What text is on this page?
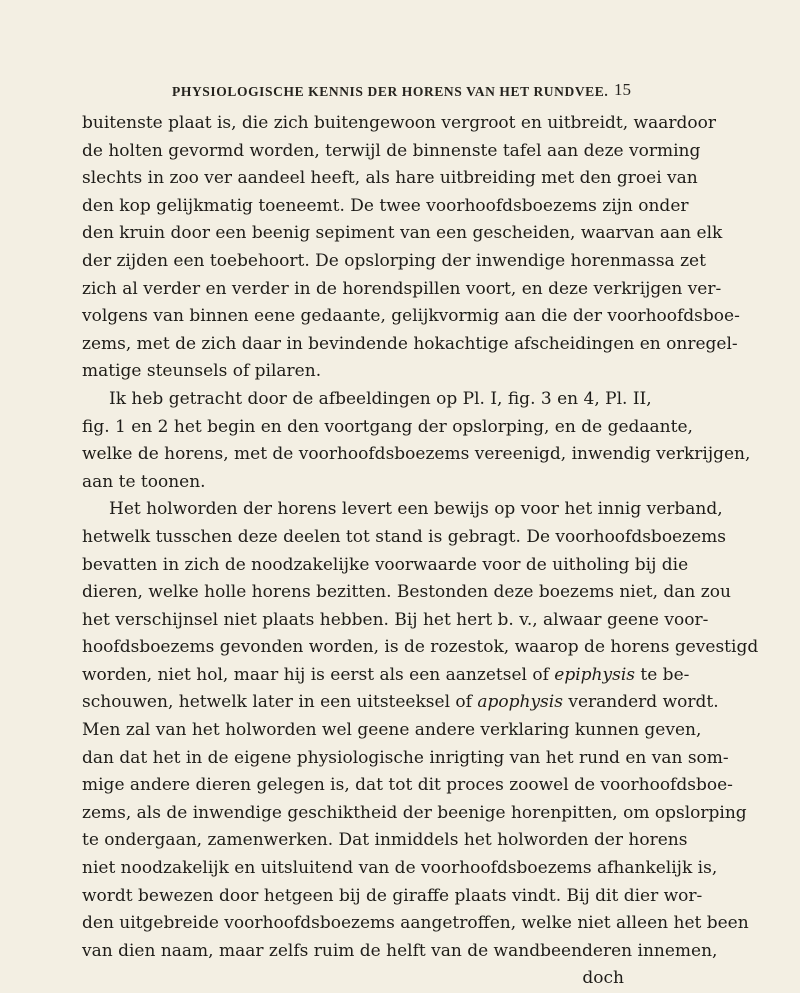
PHYSIOLOGISCHE KENNIS DER HORENS VAN HET RUNDVEE. 15
buitenste plaat is, die zich buitengewoon vergroot en uitbreidt, waardoor
de holten gevormd worden, terwijl de binnenste tafel aan deze vorming
slechts in zoo ver aandeel heeft, als hare uitbreiding met den groei van
den kop gelijkmatig toeneemt. De twee voorhoofdsboezems zijn onder
den kruin door een beenig sepiment van een gescheiden, waarvan aan elk
der zijden een toebehoort. De opslorping der inwendige horenmassa zet
zich al verder en verder in de horendspillen voort, en deze verkrijgen ver-
volgens van binnen eene gedaante, gelijkvormig aan die der voorhoofdsboe-
zems, met de zich daar in bevindende hokachtige afscheidingen en onregel-
matige steunsels of pilaren.
Ik heb getracht door de afbeeldingen op Pl. I, fig. 3 en 4, Pl. II,
fig. 1 en 2 het begin en den voortgang der opslorping, en de gedaante,
welke de horens, met de voorhoofdsboezems vereenigd, inwendig verkrijgen,
aan te toonen.
Het holworden der horens levert een bewijs op voor het innig verband,
hetwelk tusschen deze deelen tot stand is gebragt. De voorhoofdsboezems
bevatten in zich de noodzakelijke voorwaarde voor de uitholing bij die
dieren, welke holle horens bezitten. Bestonden deze boezems niet, dan zou
het verschijnsel niet plaats hebben. Bij het hert b. v., alwaar geene voor-
hoofdsboezems gevonden worden, is de rozestok, waarop de horens gevestigd
worden, niet hol, maar hij is eerst als een aanzetsel of epiphysis te be-
schouwen, hetwelk later in een uitsteeksel of apophysis veranderd wordt.
Men zal van het holworden wel geene andere verklaring kunnen geven,
dan dat het in de eigene physiologische inrigting van het rund en van som-
mige andere dieren gelegen is, dat tot dit proces zoowel de voorhoofdsboe-
zems, als de inwendige geschiktheid der beenige horenpitten, om opslorping
te ondergaan, zamenwerken. Dat inmiddels het holworden der horens
niet noodzakelijk en uitsluitend van de voorhoofdsboezems afhankelijk is,
wordt bewezen door hetgeen bij de giraffe plaats vindt. Bij dit dier wor-
den uitgebreide voorhoofdsboezems aangetroffen, welke niet alleen het been
van dien naam, maar zelfs ruim de helft van de wandbeenderen innemen,
doch
